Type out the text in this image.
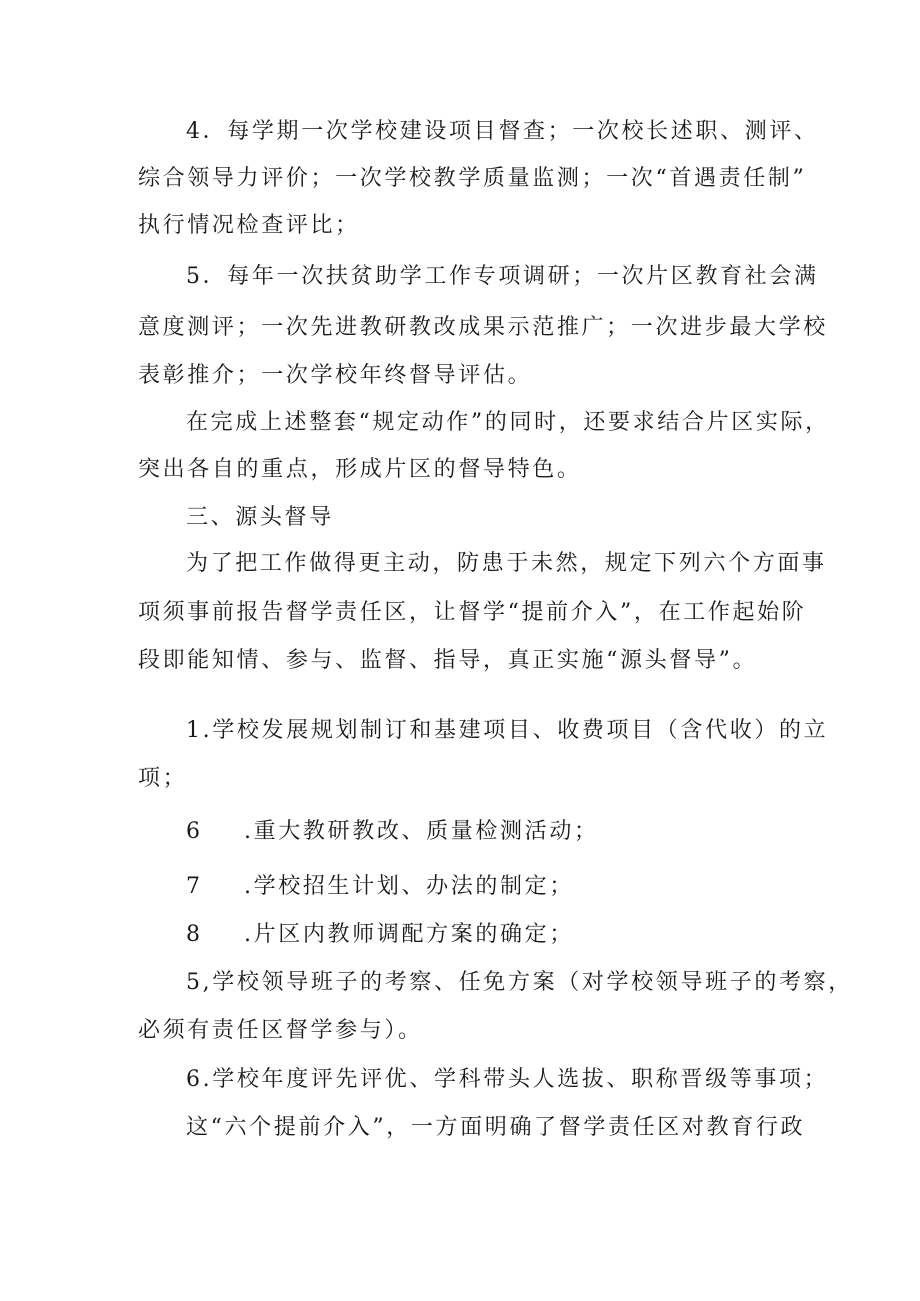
4．每学期一次学校建设项目督查；一次校长述职、测评、
综合领导力评价；一次学校教学质量监测；一次“首遇责任制”
执行情况检查评比；
5．每年一次扶贫助学工作专项调研；一次片区教育社会满
意度测评；一次先进教研教改成果示范推广；一次进步最大学校
表彰推介；一次学校年终督导评估。
在完成上述整套“规定动作”的同时，还要求结合片区实际，
突出各自的重点，形成片区的督导特色。
三、源头督导
为了把工作做得更主动，防患于未然，规定下列六个方面事
项须事前报告督学责任区，让督学“提前介入”，在工作起始阶
段即能知情、参与、监督、指导，真正实施“源头督导”。
1.学校发展规划制订和基建项目、收费项目（含代收）的立
项；
6	.重大教研教改、质量检测活动；
7	.学校招生计划、办法的制定；
8	.片区内教师调配方案的确定；
5,学校领导班子的考察、任免方案（对学校领导班子的考察，
必须有责任区督学参与）。
6.学校年度评先评优、学科带头人选拔、职称晋级等事项；
这“六个提前介入”，一方面明确了督学责任区对教育行政
